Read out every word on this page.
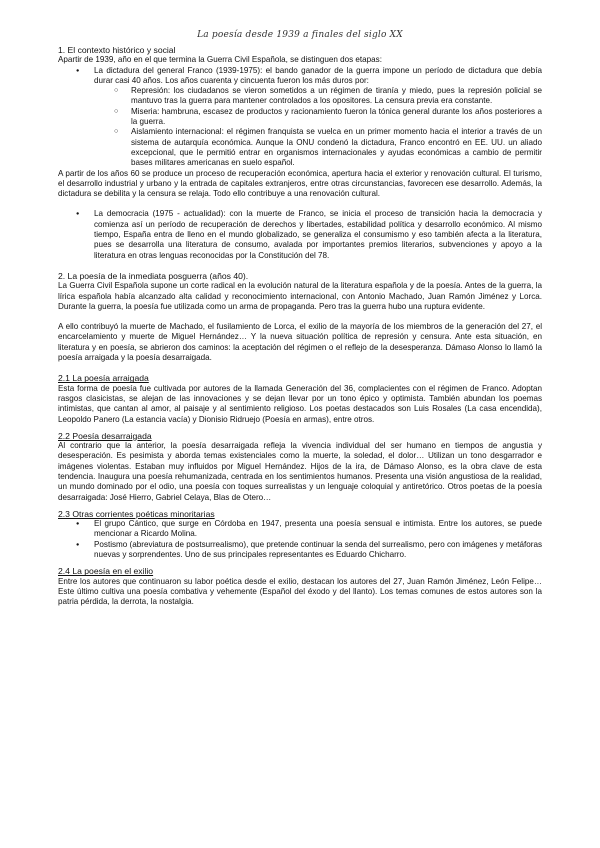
La poesía desde 1939 a finales del siglo XX
1. El contexto histórico y social

Apartir de 1939, año en el que termina la Guerra Civil Española, se distinguen dos etapas:

● La dictadura del general Franco (1939-1975): el bando ganador de la guerra impone un período de dictadura que debía durar casi 40 años. Los años cuarenta y cincuenta fueron los más duros por:
○ Represión: los ciudadanos se vieron sometidos a un régimen de tiranía y miedo, pues la represión policial se mantuvo tras la guerra para mantener controlados a los opositores. La censura previa era constante.
○ Miseria: hambruna, escasez de productos y racionamiento fueron la tónica general durante los años posteriores a la guerra.
○ Aislamiento internacional: el régimen franquista se vuelca en un primer momento hacia el interior a través de un sistema de autarquía económica. Aunque la ONU condenó la dictadura, Franco encontró en EE. UU. un aliado excepcional, que le permitió entrar en organismos internacionales y ayudas económicas a cambio de permitir bases militares americanas en suelo español.

A partir de los años 60 se produce un proceso de recuperación económica, apertura hacia el exterior y renovación cultural. El turismo, el desarrollo industrial y urbano y la entrada de capitales extranjeros, entre otras circunstancias, favorecen ese desarrollo. Además, la dictadura se debilita y la censura se relaja. Todo ello contribuye a una renovación cultural.

● La democracia (1975 - actualidad): con la muerte de Franco, se inicia el proceso de transición hacia la democracia y comienza así un período de recuperación de derechos y libertades, estabilidad política y desarrollo económico. Al mismo tiempo, España entra de lleno en el mundo globalizado, se generaliza el consumismo y eso también afecta a la literatura, pues se desarrolla una literatura de consumo, avalada por importantes premios literarios, subvenciones y apoyo a la literatura en otras lenguas reconocidas por la Constitución del 78.
2. La poesía de la inmediata posguerra (años 40).

La Guerra Civil Española supone un corte radical en la evolución natural de la literatura española y de la poesía. Antes de la guerra, la lírica española había alcanzado alta calidad y reconocimiento internacional, con Antonio Machado, Juan Ramón Jiménez y Lorca. Durante la guerra, la poesía fue utilizada como un arma de propaganda. Pero tras la guerra hubo una ruptura evidente.

A ello contribuyó la muerte de Machado, el fusilamiento de Lorca, el exilio de la mayoría de los miembros de la generación del 27, el encarcelamiento y muerte de Miguel Hernández… Y la nueva situación política de represión y censura. Ante esta situación, en literatura y en poesía, se abrieron dos caminos: la aceptación del régimen o el reflejo de la desesperanza. Dámaso Alonso lo llamó la poesía arraigada y la poesía desarraigada.

2.1 La poesía arraigada

Esta forma de poesía fue cultivada por autores de la llamada Generación del 36, complacientes con el régimen de Franco. Adoptan rasgos clasicistas, se alejan de las innovaciones y se dejan llevar por un tono épico y optimista. También abundan los poemas intimistas, que cantan al amor, al paisaje y al sentimiento religioso. Los poetas destacados son Luis Rosales (La casa encendida), Leopoldo Panero (La estancia vacía) y Dionisio Ridruejo (Poesía en armas), entre otros.

2.2 Poesía desarraigada

Al contrario que la anterior, la poesía desarraigada refleja la vivencia individual del ser humano en tiempos de angustia y desesperación. Es pesimista y aborda temas existenciales como la muerte, la soledad, el dolor… Utilizan un tono desgarrador e imágenes violentas. Estaban muy influidos por Miguel Hernández. Hijos de la ira, de Dámaso Alonso, es la obra clave de esta tendencia. Inaugura una poesía rehumanizada, centrada en los sentimientos humanos. Presenta una visión angustiosa de la realidad, un mundo dominado por el odio, una poesía con toques surrealistas y un lenguaje coloquial y antiretórico. Otros poetas de la poesía desarraigada: José Hierro, Gabriel Celaya, Blas de Otero…

2.3 Otras corrientes poéticas minoritarias
● El grupo Cántico, que surge en Córdoba en 1947, presenta una poesía sensual e intimista. Entre los autores, se puede mencionar a Ricardo Molina.
● Postismo (abreviatura de postsurrealismo), que pretende continuar la senda del surrealismo, pero con imágenes y metáforas nuevas y sorprendentes. Uno de sus principales representantes es Eduardo Chicharro.
2.4 La poesía en el exilio

Entre los autores que continuaron su labor poética desde el exilio, destacan los autores del 27, Juan Ramón Jiménez, León Felipe… Este último cultiva una poesía combativa y vehemente (Español del éxodo y del llanto). Los temas comunes de estos autores son la patria pérdida, la derrota, la nostalgia.
